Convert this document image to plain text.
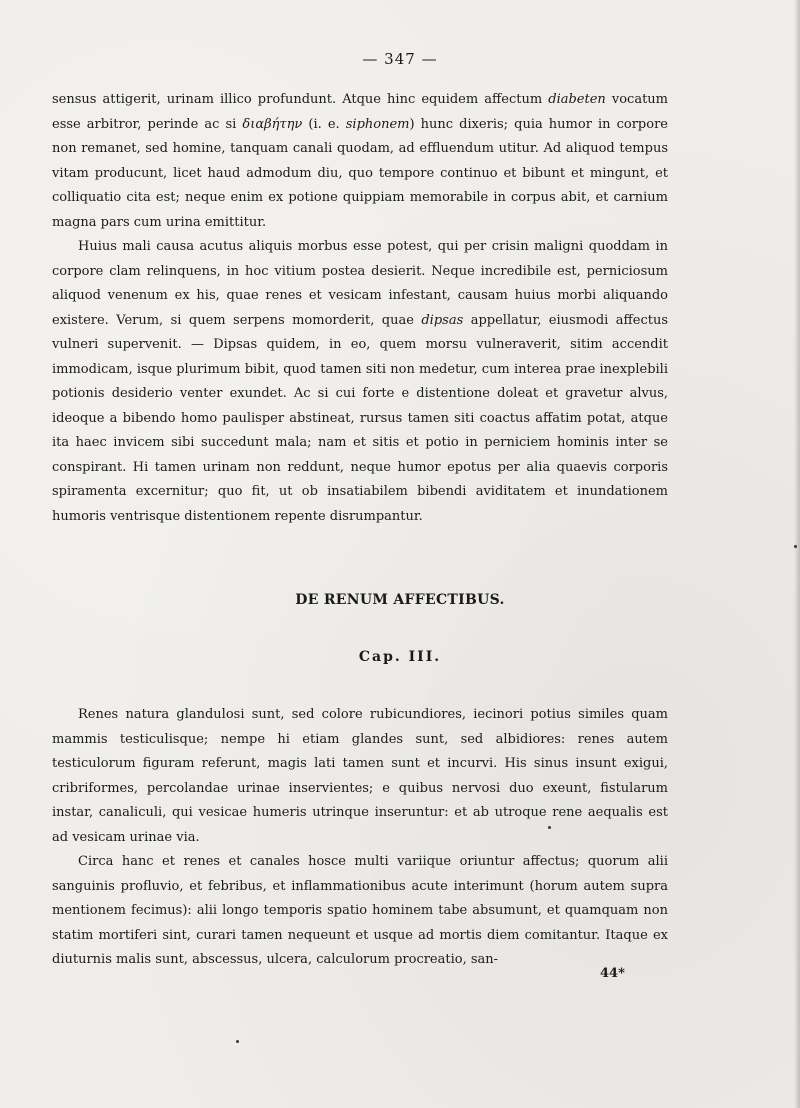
— 347 —

sensus attigerit, urinam illico profundunt. Atque hinc equidem affectum diabeten vocatum esse arbitror, perinde ac si διαβήτην (i. e. siphonem) hunc dixeris; quia humor in corpore non remanet, sed homine, tanquam canali quodam, ad effluendum utitur. Ad aliquod tempus vitam producunt, licet haud admodum diu, quo tempore continuo et bibunt et mingunt, et colliquatio cita est; neque enim ex potione quippiam memorabile in corpus abit, et carnium magna pars cum urina emittitur.

Huius mali causa acutus aliquis morbus esse potest, qui per crisin maligni quoddam in corpore clam relinquens, in hoc vitium postea desierit. Neque incredibile est, perniciosum aliquod venenum ex his, quae renes et vesicam infestant, causam huius morbi aliquando existere. Verum, si quem serpens momorderit, quae dipsas appellatur, eiusmodi affectus vulneri supervenit. — Dipsas quidem, in eo, quem morsu vulneraverit, sitim accendit immodicam, isque plurimum bibit, quod tamen siti non medetur, cum interea prae inexplebili potionis desiderio venter exundet. Ac si cui forte e distentione doleat et gravetur alvus, ideoque a bibendo homo paulisper abstineat, rursus tamen siti coactus affatim potat, atque ita haec invicem sibi succedunt mala; nam et sitis et potio in perniciem hominis inter se conspirant. Hi tamen urinam non reddunt, neque humor epotus per alia quaevis corporis spiramenta excernitur; quo fit, ut ob insatiabilem bibendi aviditatem et inundationem humoris ventrisque distentionem repente disrumpantur.

DE RENUM AFFECTIBUS.
Cap. III.

Renes natura glandulosi sunt, sed colore rubicundiores, iecinori potius similes quam mammis testiculisque; nempe hi etiam glandes sunt, sed albidiores: renes autem testiculorum figuram referunt, magis lati tamen sunt et incurvi. His sinus insunt exigui, cribriformes, percolandae urinae inservientes; e quibus nervosi duo exeunt, fistularum instar, canaliculi, qui vesicae humeris utrinque inseruntur: et ab utroque rene aequalis est ad vesicam urinae via.

Circa hanc et renes et canales hosce multi variique oriuntur affectus; quorum alii sanguinis profluvio, et febribus, et inflammationibus acute interimunt (horum autem supra mentionem fecimus): alii longo temporis spatio hominem tabe absumunt, et quamquam non statim mortiferi sint, curari tamen nequeunt et usque ad mortis diem comitantur. Itaque ex diuturnis malis sunt, abscessus, ulcera, calculorum procreatio, san-

44*
